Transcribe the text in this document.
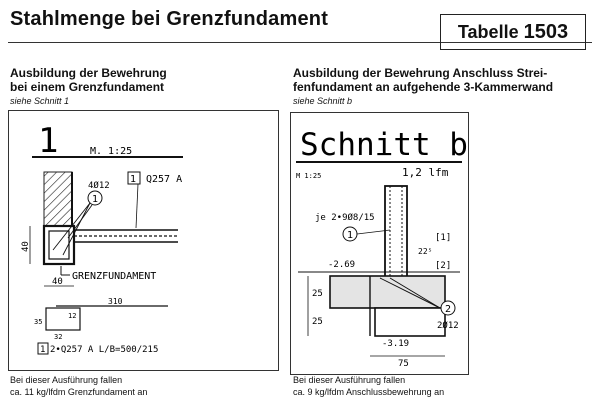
Stahlmenge bei Grenzfundament
Tabelle 1503
Ausbildung der Bewehrung
bei einem Grenzfundament
siehe Schnitt 1
Ausbildung der Bewehrung Anschluss Strei-
fenfundament an aufgehende 3-Kammerwand
siehe Schnitt b
1	M. 1:25
1
4Ø12
1 Q257 A
40
GRENZFUNDAMENT
40
310
35
12
32
1 2•Q257 A L/B=500/215
Schnitt b
M 1:25	1,2 lfm
je 2•9Ø8/15
1	[1]
22⁵
[2]
-2.69
25
25
2
2Ø12
-3.19
75
Bei dieser Ausführung fallen
ca. 11 kg/lfdm Grenzfundament an
Bei dieser Ausführung fallen
ca. 9 kg/lfdm Anschlussbewehrung an
